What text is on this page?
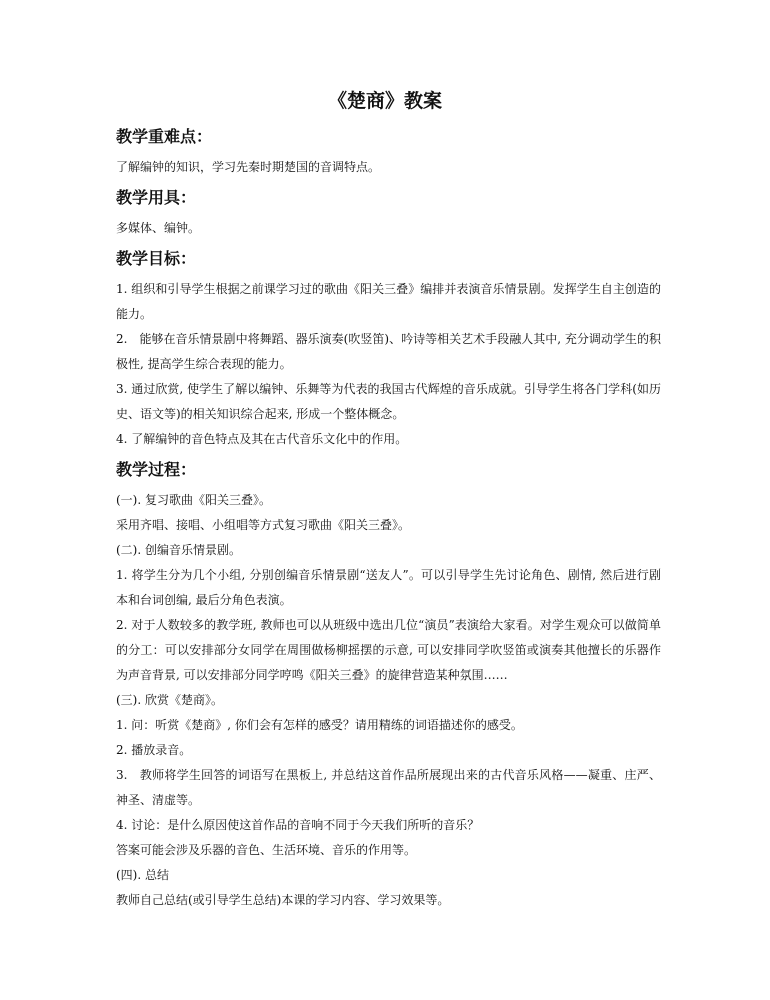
《楚商》教案
教学重难点：

了解编钟的知识，学习先秦时期楚国的音调特点。

教学用具：

多媒体、编钟。

教学目标：

1. 组织和引导学生根据之前课学习过的歌曲《阳关三叠》编排并表演音乐情景剧。发挥学生自主创造的能力。

2.　能够在音乐情景剧中将舞蹈、器乐演奏(吹竖笛)、吟诗等相关艺术手段融人其中, 充分调动学生的积极性, 提高学生综合表现的能力。

3. 通过欣赏, 使学生了解以编钟、乐舞等为代表的我国古代辉煌的音乐成就。引导学生将各门学科(如历史、语文等)的相关知识综合起来, 形成一个整体概念。

4. 了解编钟的音色特点及其在古代音乐文化中的作用。

教学过程：

(一). 复习歌曲《阳关三叠》。

采用齐唱、接唱、小组唱等方式复习歌曲《阳关三叠》。

(二). 创编音乐情景剧。

1. 将学生分为几个小组, 分别创编音乐情景剧“送友人”。可以引导学生先讨论角色、剧情, 然后进行剧本和台词创编, 最后分角色表演。

2. 对于人数较多的教学班, 教师也可以从班级中选出几位“演员”表演给大家看。对学生观众可以做简单的分工：可以安排部分女同学在周围做杨柳摇摆的示意, 可以安排同学吹竖笛或演奏其他擅长的乐器作为声音背景, 可以安排部分同学哼鸣《阳关三叠》的旋律营造某种氛围……

(三). 欣赏《楚商》。

1. 问：听赏《楚商》, 你们会有怎样的感受？请用精练的词语描述你的感受。

2. 播放录音。

3.　教师将学生回答的词语写在黑板上, 并总结这首作品所展现出来的古代音乐风格——凝重、庄严、神圣、清虚等。

4. 讨论：是什么原因使这首作品的音响不同于今天我们所听的音乐？

答案可能会涉及乐器的音色、生活环境、音乐的作用等。

(四). 总结

教师自己总结(或引导学生总结)本课的学习内容、学习效果等。
